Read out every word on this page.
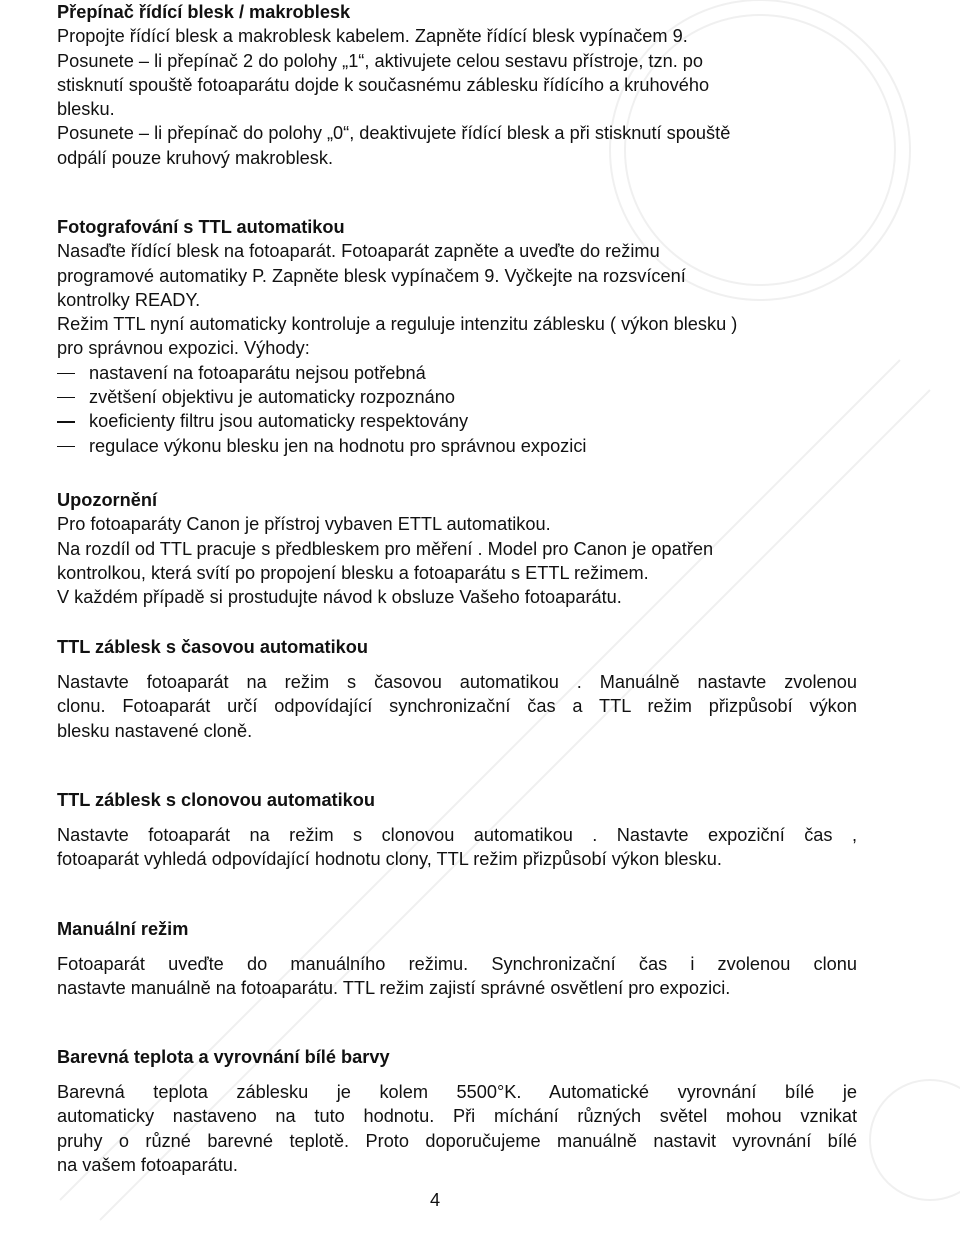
Přepínač řídící blesk / makroblesk
Propojte řídící blesk a makroblesk kabelem. Zapněte řídící blesk vypínačem 9.
Posunete – li přepínač 2 do polohy „1“, aktivujete celou sestavu přístroje, tzn. po
stisknutí spouště fotoaparátu dojde k současnému záblesku řídícího a kruhového
blesku.
Posunete – li přepínač do polohy „0“, deaktivujete řídící blesk a při stisknutí spouště
odpálí pouze kruhový makroblesk.
Fotografování s TTL automatikou
Nasaďte řídící blesk na fotoaparát. Fotoaparát zapněte a uveďte do režimu
programové automatiky P. Zapněte blesk vypínačem 9. Vyčkejte na rozsvícení
kontrolky READY.
Režim TTL nyní automaticky kontroluje a reguluje intenzitu záblesku ( výkon blesku )
pro správnou expozici. Výhody:
nastavení na fotoaparátu nejsou potřebná
zvětšení objektivu je automaticky rozpoznáno
koeficienty filtru jsou automaticky respektovány
regulace výkonu blesku jen na hodnotu pro správnou expozici
Upozornění
Pro fotoaparáty Canon je přístroj vybaven ETTL automatikou.
Na rozdíl od TTL pracuje s předbleskem pro měření . Model pro Canon je opatřen
kontrolkou, která svítí po propojení blesku a fotoaparátu s ETTL režimem.
V každém případě si prostudujte návod k obsluze Vašeho fotoaparátu.
TTL záblesk s časovou automatikou
Nastavte fotoaparát na režim s časovou automatikou . Manuálně nastavte zvolenou
clonu. Fotoaparát určí odpovídající synchronizační čas a TTL režim přizpůsobí výkon
blesku nastavené cloně.
TTL záblesk s clonovou automatikou
Nastavte fotoaparát na režim s clonovou automatikou . Nastavte expoziční čas ,
fotoaparát vyhledá odpovídající hodnotu clony, TTL režim přizpůsobí výkon blesku.
Manuální režim
Fotoaparát uveďte do manuálního režimu. Synchronizační čas i zvolenou clonu
nastavte manuálně na fotoaparátu. TTL režim zajistí správné osvětlení pro expozici.
Barevná teplota a vyrovnání bílé barvy
Barevná teplota záblesku je kolem 5500°K. Automatické vyrovnání bílé je
automaticky nastaveno na tuto hodnotu. Při míchání různých světel mohou vznikat
pruhy o různé barevné teplotě. Proto doporučujeme manuálně nastavit vyrovnání bílé
na vašem fotoaparátu.
4
